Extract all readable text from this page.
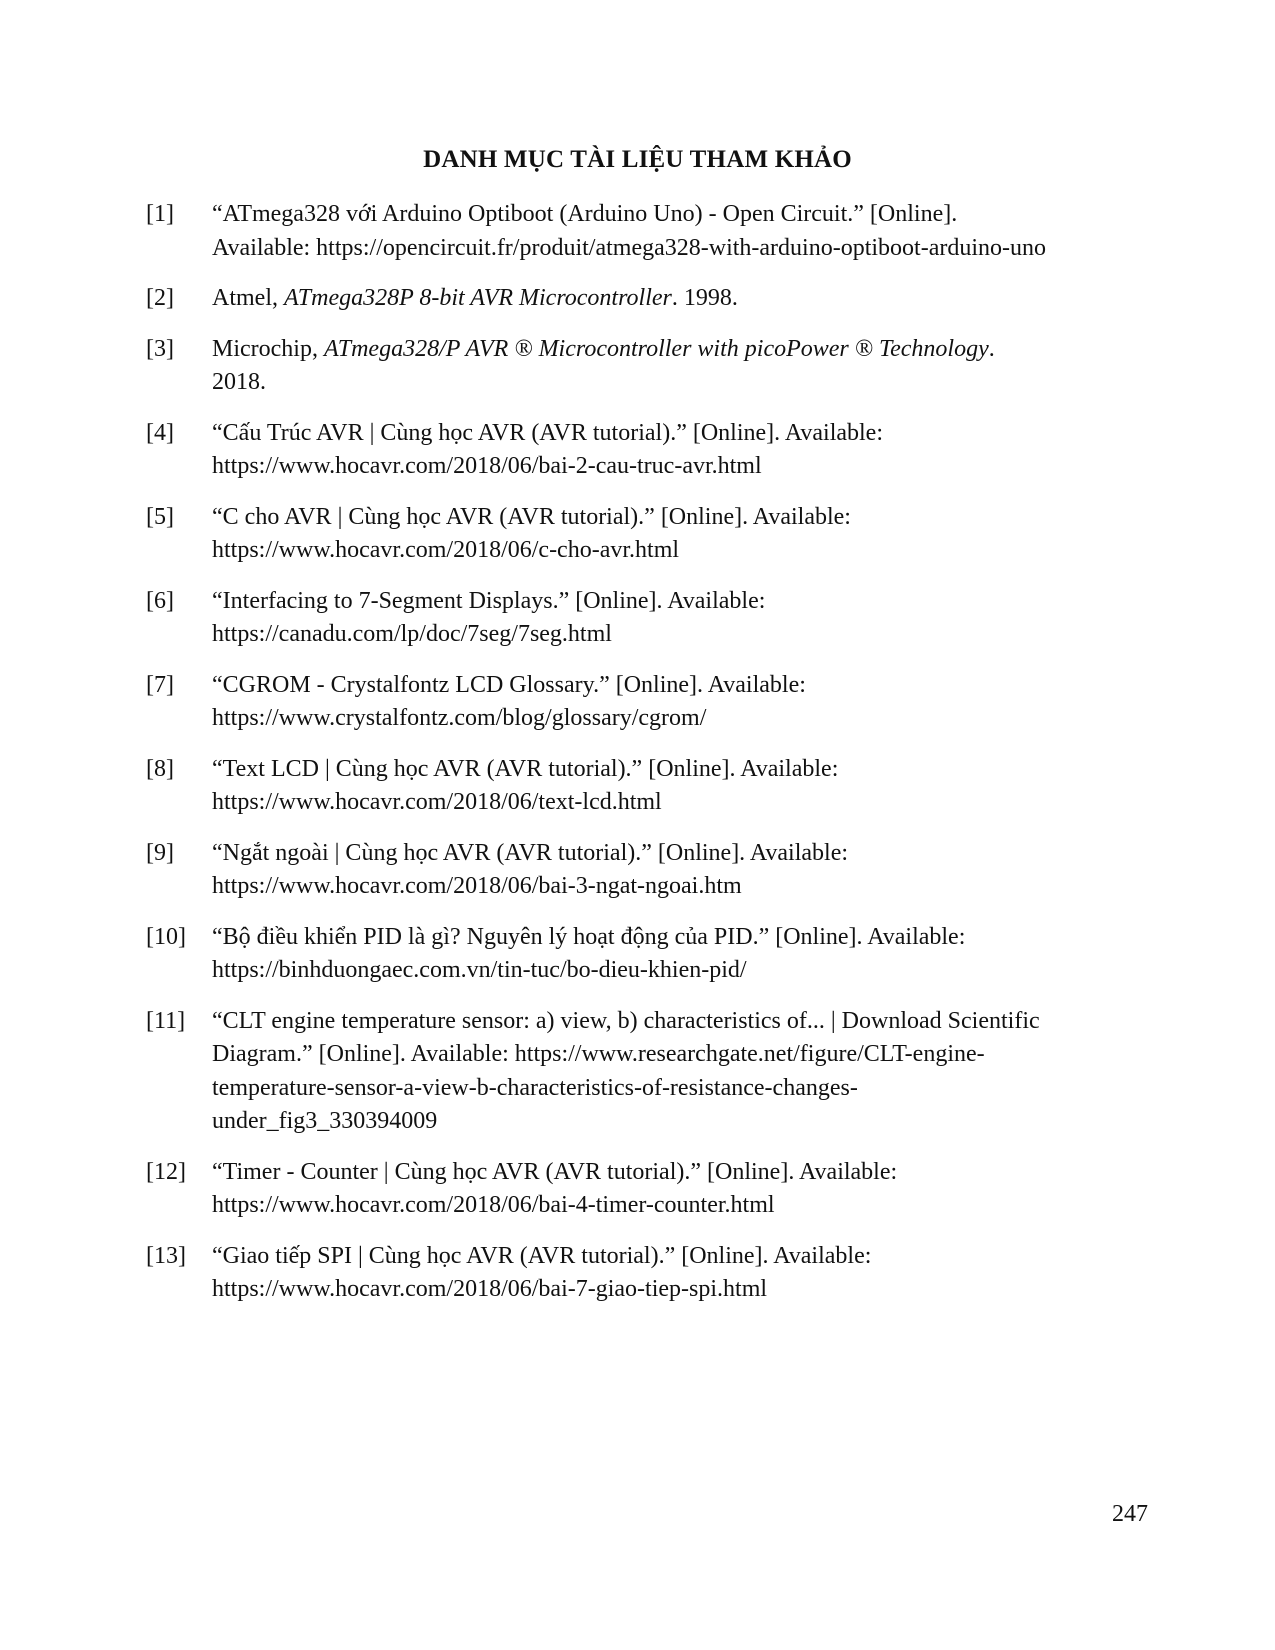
DANH MỤC TÀI LIỆU THAM KHẢO
[1]	“ATmega328 với Arduino Optiboot (Arduino Uno) - Open Circuit.” [Online].
Available: https://opencircuit.fr/produit/atmega328-with-arduino-optiboot-arduino-uno
[2]	Atmel, ATmega328P 8-bit AVR Microcontroller. 1998.
[3]	Microchip, ATmega328/P AVR ® Microcontroller with picoPower ® Technology.
2018.
[4]	“Cấu Trúc AVR | Cùng học AVR (AVR tutorial).” [Online]. Available:
https://www.hocavr.com/2018/06/bai-2-cau-truc-avr.html
[5]	“C cho AVR | Cùng học AVR (AVR tutorial).” [Online]. Available:
https://www.hocavr.com/2018/06/c-cho-avr.html
[6]	“Interfacing to 7-Segment Displays.” [Online]. Available:
https://canadu.com/lp/doc/7seg/7seg.html
[7]	“CGROM - Crystalfontz LCD Glossary.” [Online]. Available:
https://www.crystalfontz.com/blog/glossary/cgrom/
[8]	“Text LCD | Cùng học AVR (AVR tutorial).” [Online]. Available:
https://www.hocavr.com/2018/06/text-lcd.html
[9]	“Ngắt ngoài | Cùng học AVR (AVR tutorial).” [Online]. Available:
https://www.hocavr.com/2018/06/bai-3-ngat-ngoai.htm
[10]	“Bộ điều khiển PID là gì? Nguyên lý hoạt động của PID.” [Online]. Available:
https://binhduongaec.com.vn/tin-tuc/bo-dieu-khien-pid/
[11]	“CLT engine temperature sensor: a) view, b) characteristics of... | Download Scientific
Diagram.” [Online]. Available: https://www.researchgate.net/figure/CLT-engine-
temperature-sensor-a-view-b-characteristics-of-resistance-changes-
under_fig3_330394009
[12]	“Timer - Counter | Cùng học AVR (AVR tutorial).” [Online]. Available:
https://www.hocavr.com/2018/06/bai-4-timer-counter.html
[13]	“Giao tiếp SPI | Cùng học AVR (AVR tutorial).” [Online]. Available:
https://www.hocavr.com/2018/06/bai-7-giao-tiep-spi.html
247
